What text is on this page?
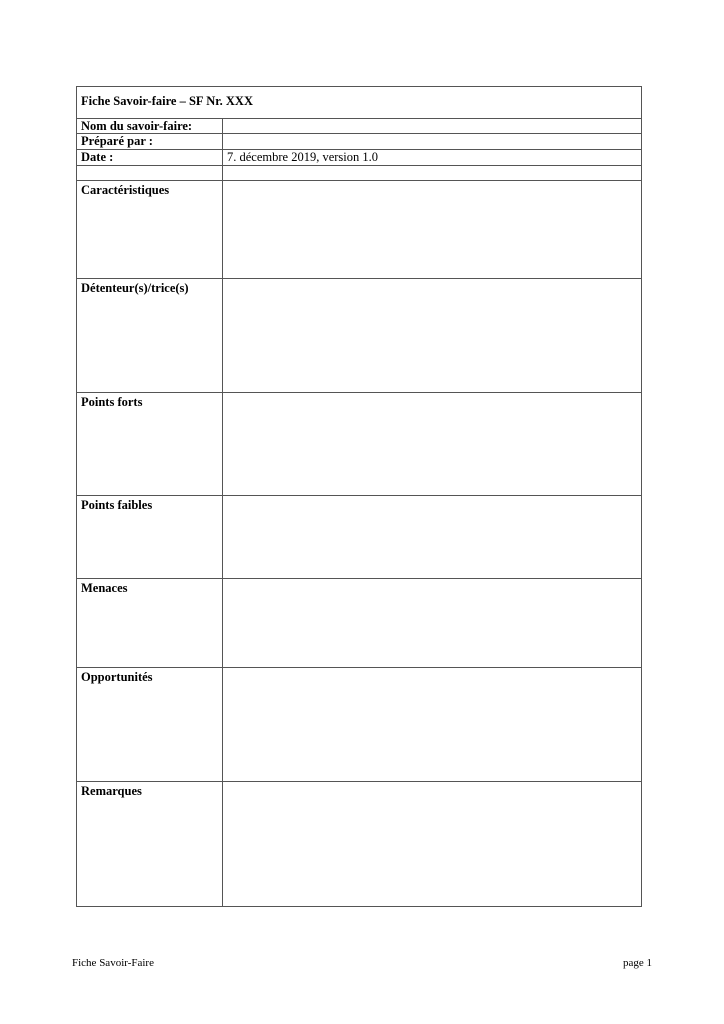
Fiche Savoir-faire – SF Nr. XXX	
Nom du savoir-faire:	
Préparé par :	
Date :	7. décembre 2019, version 1.0

Caractéristiques	
Détenteur(s)/trice(s)	
Points forts	
Points faibles	
Menaces	
Opportunités	
Remarques	
Fiche Savoir-Faire	page 1
